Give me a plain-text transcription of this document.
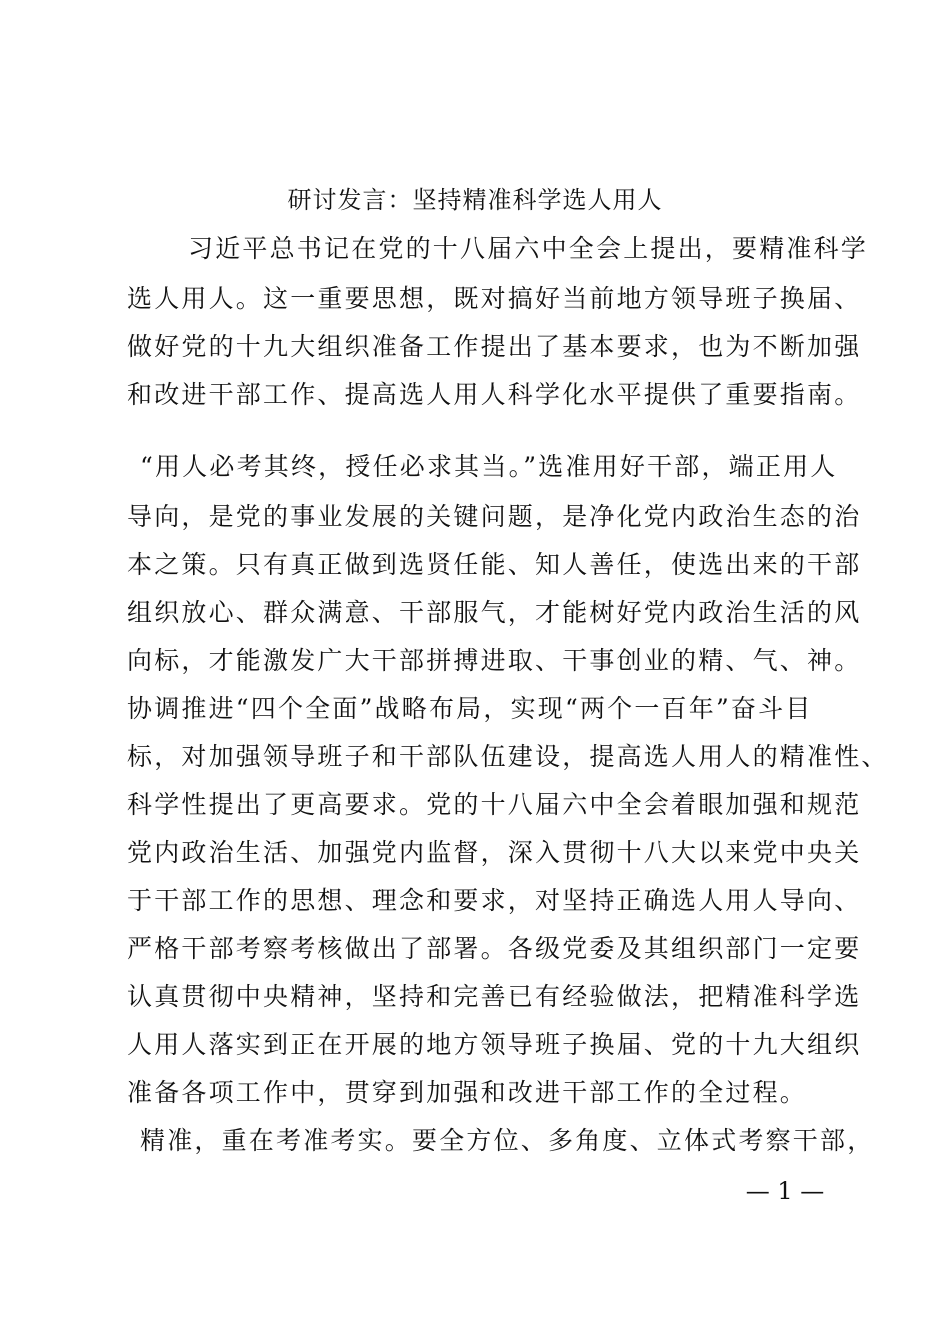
研讨发言：坚持精准科学选人用人
习近平总书记在党的十八届六中全会上提出，要精准科学
选人用人。这一重要思想，既对搞好当前地方领导班子换届、
做好党的十九大组织准备工作提出了基本要求，也为不断加强
和改进干部工作、提高选人用人科学化水平提供了重要指南。
“用人必考其终，授任必求其当。”选准用好干部，端正用人
导向，是党的事业发展的关键问题，是净化党内政治生态的治
本之策。只有真正做到选贤任能、知人善任，使选出来的干部
组织放心、群众满意、干部服气，才能树好党内政治生活的风
向标，才能激发广大干部拼搏进取、干事创业的精、气、神。
协调推进“四个全面”战略布局，实现“两个一百年”奋斗目
标，对加强领导班子和干部队伍建设，提高选人用人的精准性、
科学性提出了更高要求。党的十八届六中全会着眼加强和规范
党内政治生活、加强党内监督，深入贯彻十八大以来党中央关
于干部工作的思想、理念和要求，对坚持正确选人用人导向、
严格干部考察考核做出了部署。各级党委及其组织部门一定要
认真贯彻中央精神，坚持和完善已有经验做法，把精准科学选
人用人落实到正在开展的地方领导班子换届、党的十九大组织
准备各项工作中，贯穿到加强和改进干部工作的全过程。
精准，重在考准考实。要全方位、多角度、立体式考察干部，
— 1 —
